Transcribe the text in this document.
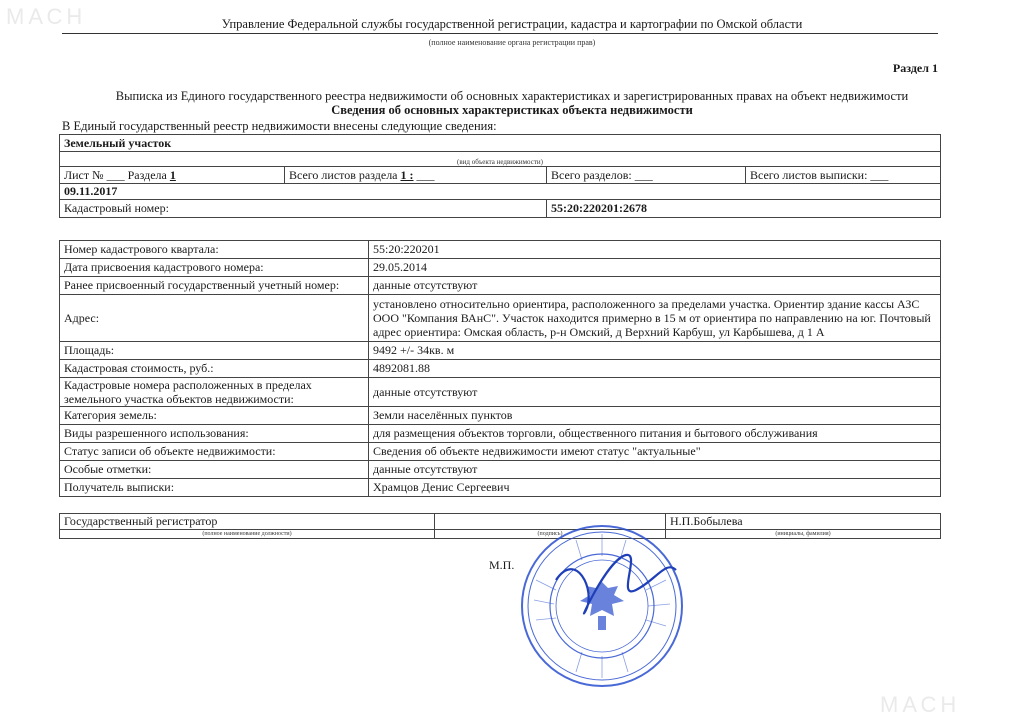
МАСН
МАСН
Управление Федеральной службы государственной регистрации, кадастра и картографии по Омской области
(полное наименование органа регистрации прав)
Раздел 1
Выписка из Единого государственного реестра недвижимости об основных характеристиках и зарегистрированных правах на объект недвижимости
Сведения об основных характеристиках объекта недвижимости
В Единый государственный реестр недвижимости внесены следующие сведения:
Земельный участок			
(вид объекта недвижимости)			
Лист № ___ Раздела 1	Всего листов раздела 1 : ___	Всего разделов: ___	Всего листов выписки: ___
09.11.2017			
Кадастровый номер:		55:20:220201:2678	
Номер кадастрового квартала:	55:20:220201
Дата присвоения кадастрового номера:	29.05.2014
Ранее присвоенный государственный учетный номер:	данные отсутствуют
Адрес:	установлено относительно ориентира, расположенного за пределами участка. Ориентир здание кассы АЗС ООО "Компания ВАнС". Участок находится примерно в 15 м от ориентира по направлению на юг. Почтовый адрес ориентира: Омская область, р-н Омский, д Верхний Карбуш, ул Карбышева, д 1 А
Площадь:	9492 +/- 34кв. м
Кадастровая стоимость, руб.:	4892081.88
Кадастровые номера расположенных в пределах земельного участка объектов недвижимости:	данные отсутствуют
Категория земель:	Земли населённых пунктов
Виды разрешенного использования:	для размещения объектов торговли, общественного питания и бытового обслуживания
Статус записи об объекте недвижимости:	Сведения об объекте недвижимости имеют статус "актуальные"
Особые отметки:	данные отсутствуют
Получатель выписки:	Храмцов Денис Сергеевич
Государственный регистратор		Н.П.Бобылева
(полное наименование должности)	(подпись)	(инициалы, фамилия)
М.П.
